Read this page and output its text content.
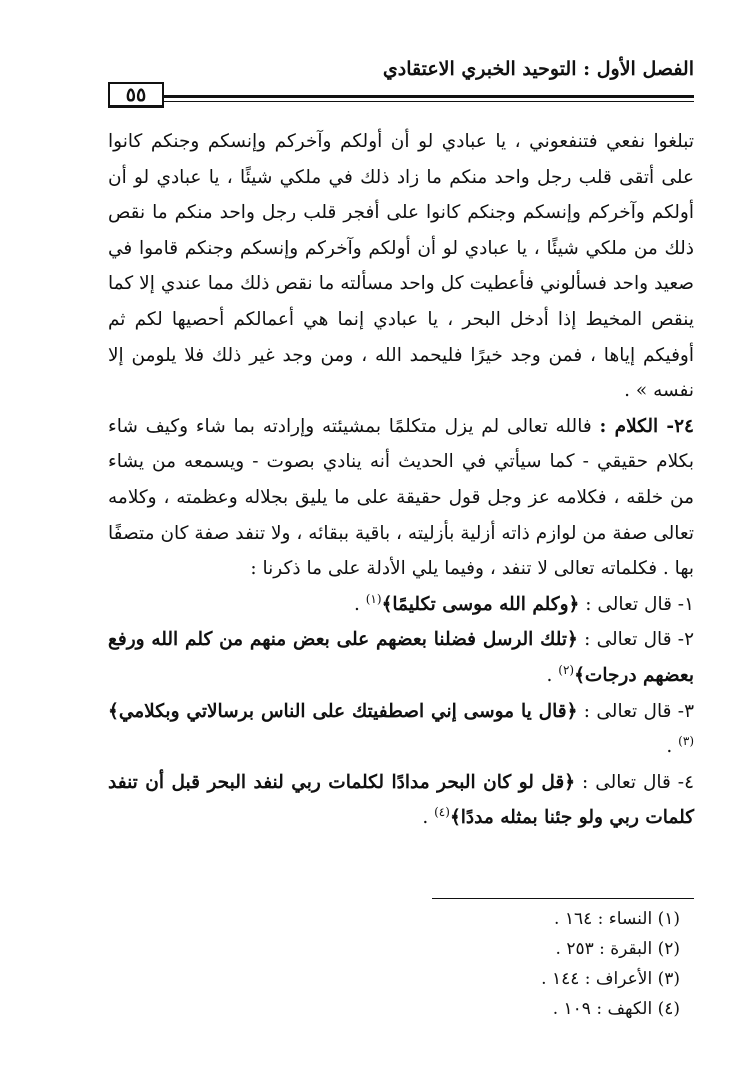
الفصل الأول : التوحيد الخبري الاعتقادي
٥٥

تبلغوا نفعي فتنفعوني ، يا عبادي لو أن أولكم وآخركم وإنسكم وجنكم كانوا على أتقى قلب رجل واحد منكم ما زاد ذلك في ملكي شيئًا ، يا عبادي لو أن أولكم وآخركم وإنسكم وجنكم كانوا على أفجر قلب رجل واحد منكم ما نقص ذلك من ملكي شيئًا ، يا عبادي لو أن أولكم وآخركم وإنسكم وجنكم قاموا في صعيد واحد فسألوني فأعطيت كل واحد مسألته ما نقص ذلك مما عندي إلا كما ينقص المخيط إذا أدخل البحر ، يا عبادي إنما هي أعمالكم أحصيها لكم ثم أوفيكم إياها ، فمن وجد خيرًا فليحمد الله ، ومن وجد غير ذلك فلا يلومن إلا نفسه » .

٢٤- الكلام : فالله تعالى لم يزل متكلمًا بمشيئته وإرادته بما شاء وكيف شاء بكلام حقيقي - كما سيأتي في الحديث أنه ينادي بصوت - ويسمعه من يشاء من خلقه ، فكلامه عز وجل قول حقيقة على ما يليق بجلاله وعظمته ، وكلامه تعالى صفة من لوازم ذاته أزلية بأزليته ، باقية ببقائه ، ولا تنفد صفة كان متصفًا بها . فكلماته تعالى لا تنفد ، وفيما يلي الأدلة على ما ذكرنا :

١- قال تعالى : ﴿وكلم الله موسى تكليمًا﴾$^{(١)}$ .

٢- قال تعالى : ﴿تلك الرسل فضلنا بعضهم على بعض منهم من كلم الله ورفع بعضهم درجات﴾$^{(٢)}$ .

٣- قال تعالى : ﴿قال يا موسى إني اصطفيتك على الناس برسالاتي وبكلامي﴾$^{(٣)}$ .

٤- قال تعالى : ﴿قل لو كان البحر مدادًا لكلمات ربي لنفد البحر قبل أن تنفد كلمات ربي ولو جئنا بمثله مددًا﴾$^{(٤)}$ .

(١) النساء : ١٦٤ .
(٢) البقرة : ٢٥٣ .
(٣) الأعراف : ١٤٤ .
(٤) الكهف : ١٠٩ .
